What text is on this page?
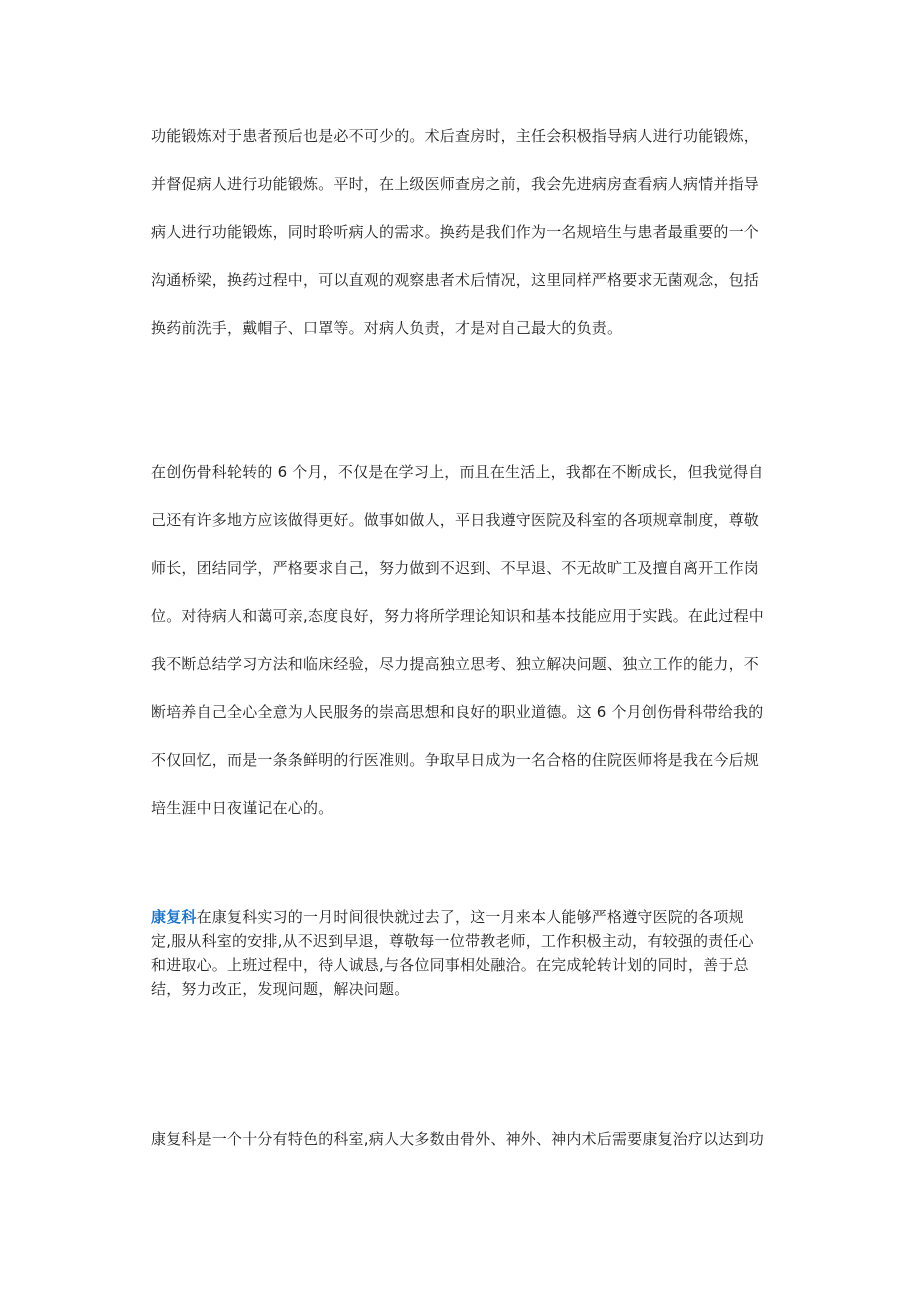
功能锻炼对于患者预后也是必不可少的。术后查房时，主任会积极指导病人进行功能锻炼，
并督促病人进行功能锻炼。平时，在上级医师查房之前，我会先进病房查看病人病情并指导
病人进行功能锻炼，同时聆听病人的需求。换药是我们作为一名规培生与患者最重要的一个
沟通桥梁，换药过程中，可以直观的观察患者术后情况，这里同样严格要求无菌观念，包括
换药前洗手，戴帽子、口罩等。对病人负责，才是对自己最大的负责。
在创伤骨科轮转的 6 个月，不仅是在学习上，而且在生活上，我都在不断成长，但我觉得自
己还有许多地方应该做得更好。做事如做人，平日我遵守医院及科室的各项规章制度，尊敬
师长，团结同学，严格要求自己，努力做到不迟到、不早退、不无故旷工及擅自离开工作岗
位。对待病人和蔼可亲,态度良好，努力将所学理论知识和基本技能应用于实践。在此过程中
我不断总结学习方法和临床经验，尽力提高独立思考、独立解决问题、独立工作的能力，不
断培养自己全心全意为人民服务的崇高思想和良好的职业道德。这 6 个月创伤骨科带给我的
不仅回忆，而是一条条鲜明的行医准则。争取早日成为一名合格的住院医师将是我在今后规
培生涯中日夜谨记在心的。
康复科在康复科实习的一月时间很快就过去了，这一月来本人能够严格遵守医院的各项规
定,服从科室的安排,从不迟到早退，尊敬每一位带教老师，工作积极主动，有较强的责任心
和进取心。上班过程中，待人诚恳,与各位同事相处融洽。在完成轮转计划的同时，善于总
结，努力改正，发现问题，解决问题。
康复科是一个十分有特色的科室,病人大多数由骨外、神外、神内术后需要康复治疗以达到功
